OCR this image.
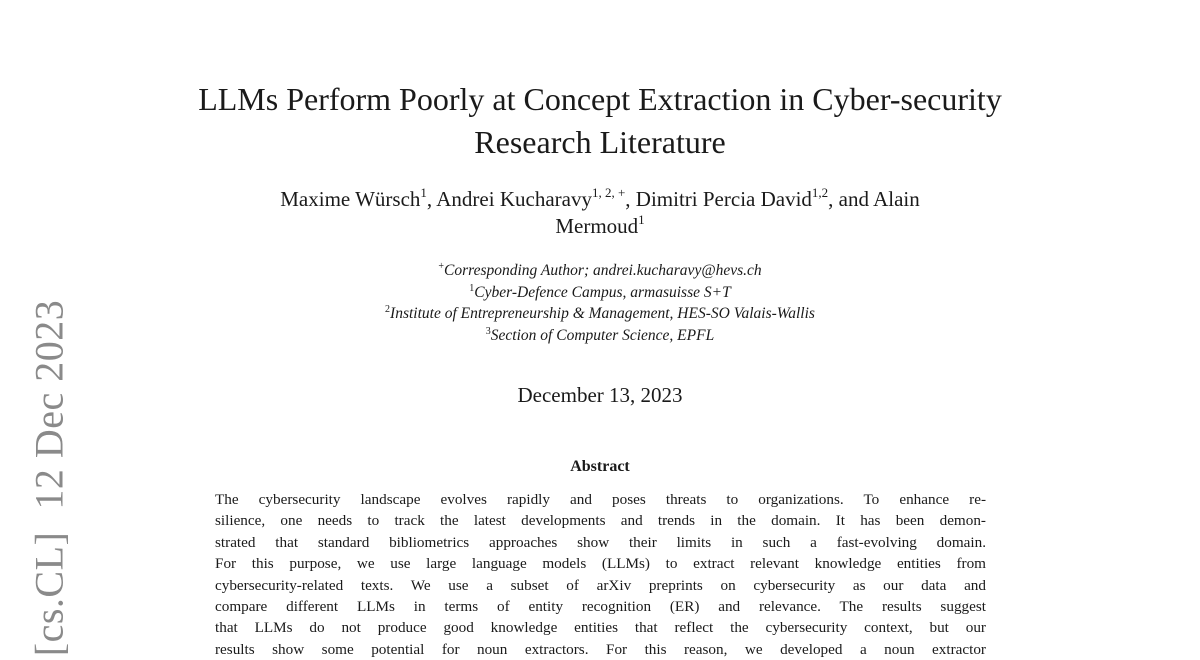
[cs.CL]12 Dec 2023
LLMs Perform Poorly at Concept Extraction in Cyber-security
Research Literature
Maxime Würsch$^1$, Andrei Kucharavy$^{1, 2, +}$, Dimitri Percia David$^{1,2}$, and Alain
Mermoud$^1$
+Corresponding Author; andrei.kucharavy@hevs.ch
$^1$Cyber-Defence Campus, armasuisse S+T
$^2$Institute of Entrepreneurship & Management, HES-SO Valais-Wallis
$^3$Section of Computer Science, EPFL
December 13, 2023
Abstract
The cybersecurity landscape evolves rapidly and poses threats to organizations. To enhance re-
silience, one needs to track the latest developments and trends in the domain. It has been demon-
strated that standard bibliometrics approaches show their limits in such a fast-evolving domain.
For this purpose, we use large language models (LLMs) to extract relevant knowledge entities from
cybersecurity-related texts. We use a subset of arXiv preprints on cybersecurity as our data and
compare different LLMs in terms of entity recognition (ER) and relevance. The results suggest
that LLMs do not produce good knowledge entities that reflect the cybersecurity context, but our
results show some potential for noun extractors. For this reason, we developed a noun extractor
